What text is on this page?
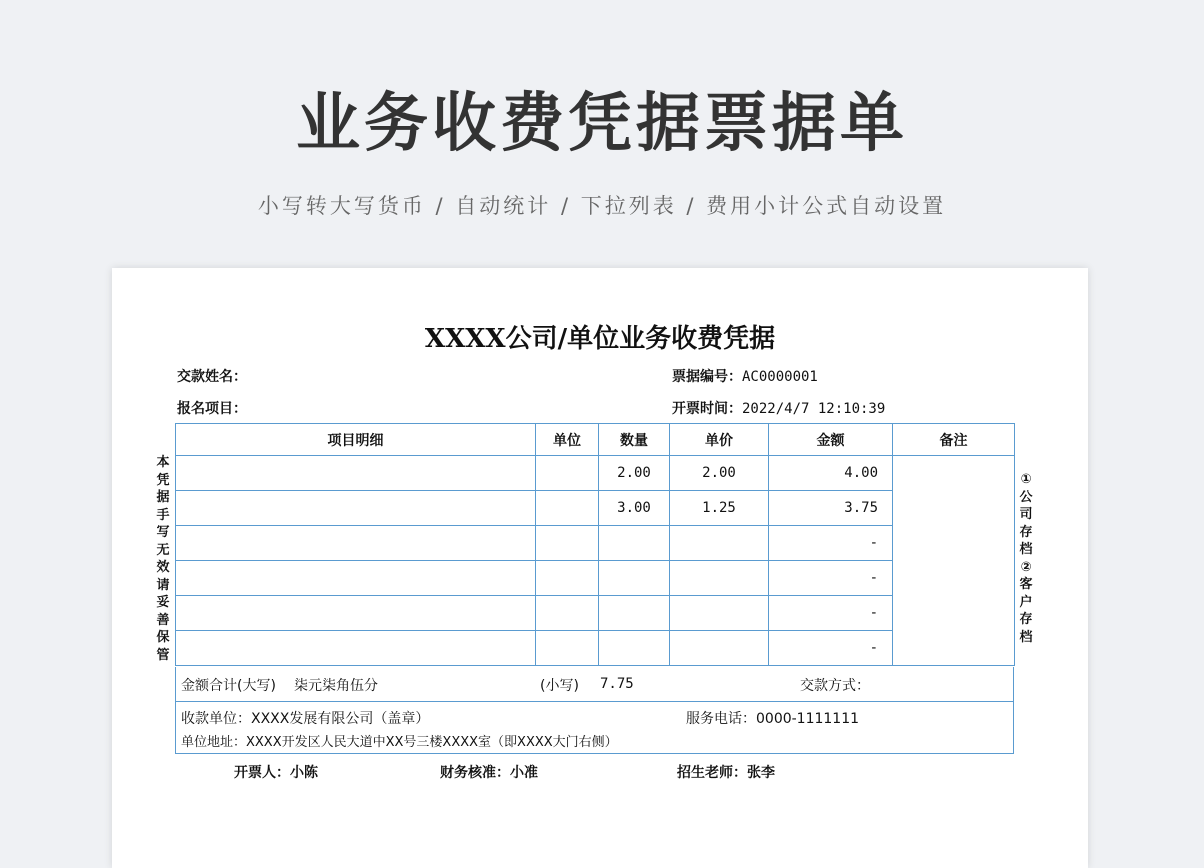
业务收费凭据票据单
小写转大写货币 / 自动统计 / 下拉列表 / 费用小计公式自动设置
XXXX公司/单位业务收费凭据
交款姓名：
报名项目：
票据编号：AC0000001
开票时间：2022/4/7 12:10:39
项目明细	单位	数量	单价	金额	备注
		2.00	2.00	4.00	
		3.00	1.25	3.75	
				-	
				-	
				-	
				-	
金额合计(大写) 柒元柒角伍分	(小写) 7.75	交款方式：
收款单位：XXXX发展有限公司（盖章）	服务电话：0000-1111111
单位地址：XXXX开发区人民大道中XX号三楼XXXX室（即XXXX大门右侧）
开票人：小陈	财务核准：小准	招生老师：张李
本凭据手写无效请妥善保管
①公司存档②客户存档
